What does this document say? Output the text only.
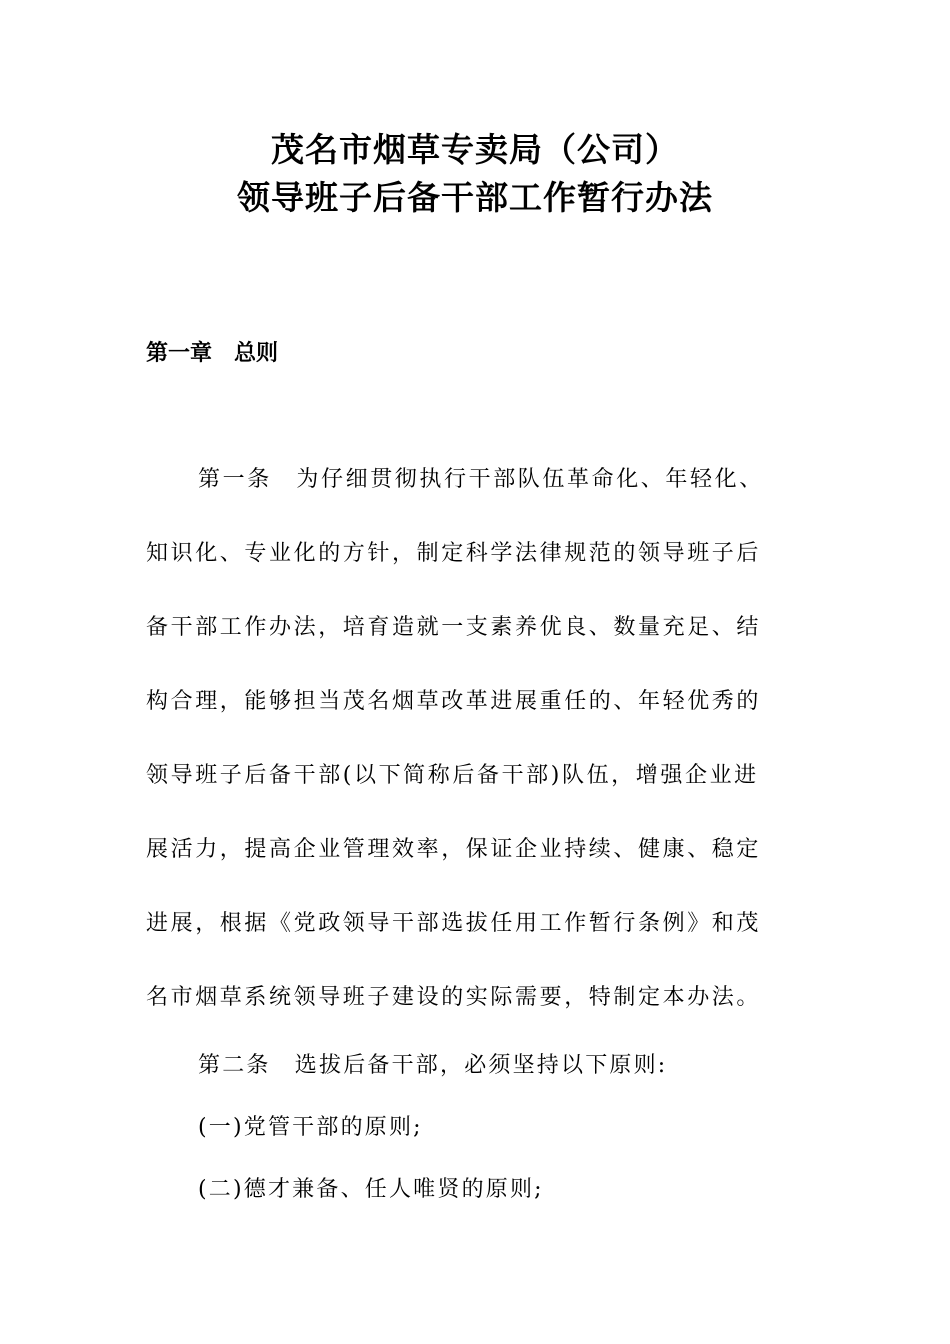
茂名市烟草专卖局（公司）
领导班子后备干部工作暂行办法
第一章　总则
第一条　为仔细贯彻执行干部队伍革命化、年轻化、
知识化、专业化的方针，制定科学法律规范的领导班子后
备干部工作办法，培育造就一支素养优良、数量充足、结
构合理，能够担当茂名烟草改革进展重任的、年轻优秀的
领导班子后备干部(以下简称后备干部)队伍，增强企业进
展活力，提高企业管理效率，保证企业持续、健康、稳定
进展，根据《党政领导干部选拔任用工作暂行条例》和茂
名市烟草系统领导班子建设的实际需要，特制定本办法。
第二条　选拔后备干部，必须坚持以下原则:
(一)党管干部的原则;
(二)德才兼备、任人唯贤的原则;
